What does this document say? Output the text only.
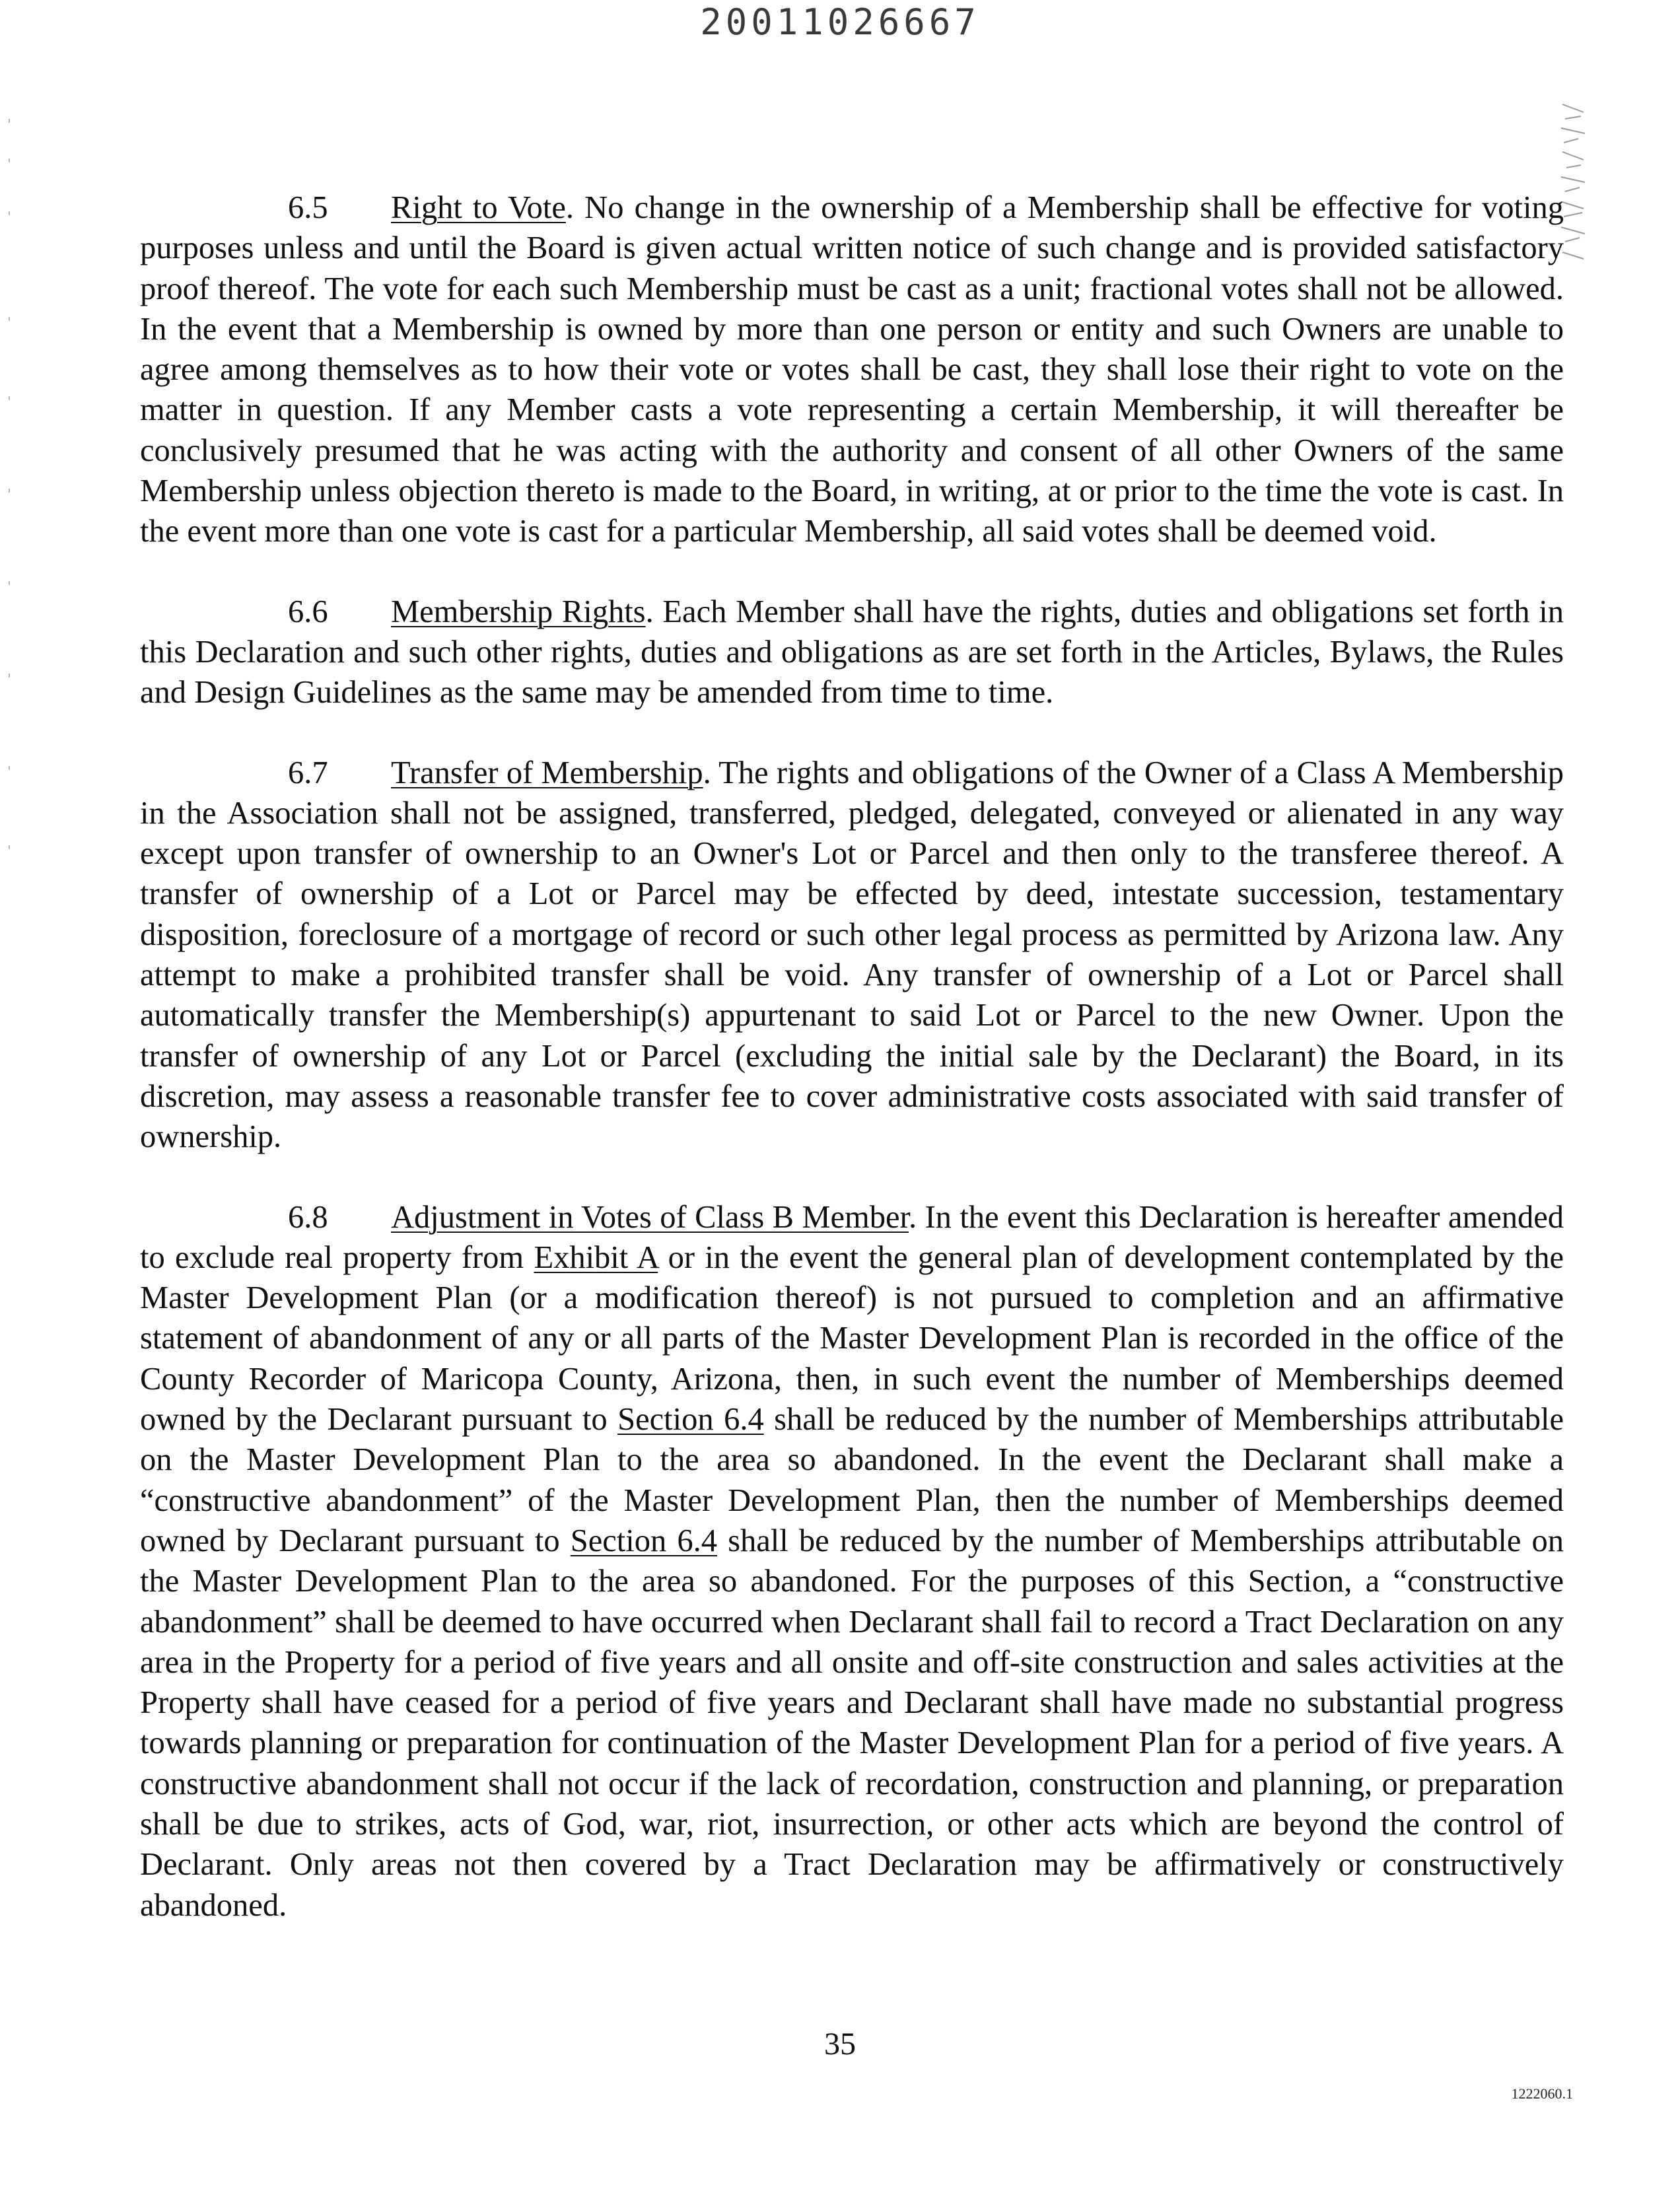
20011026667

6.5 Right to Vote. No change in the ownership of a Membership shall be effective for voting purposes unless and until the Board is given actual written notice of such change and is provided satisfactory proof thereof. The vote for each such Membership must be cast as a unit; fractional votes shall not be allowed. In the event that a Membership is owned by more than one person or entity and such Owners are unable to agree among themselves as to how their vote or votes shall be cast, they shall lose their right to vote on the matter in question. If any Member casts a vote representing a certain Membership, it will thereafter be conclusively presumed that he was acting with the authority and consent of all other Owners of the same Membership unless objection thereto is made to the Board, in writing, at or prior to the time the vote is cast. In the event more than one vote is cast for a particular Membership, all said votes shall be deemed void.

6.6 Membership Rights. Each Member shall have the rights, duties and obligations set forth in this Declaration and such other rights, duties and obligations as are set forth in the Articles, Bylaws, the Rules and Design Guidelines as the same may be amended from time to time.

6.7 Transfer of Membership. The rights and obligations of the Owner of a Class A Membership in the Association shall not be assigned, transferred, pledged, delegated, conveyed or alienated in any way except upon transfer of ownership to an Owner's Lot or Parcel and then only to the transferee thereof. A transfer of ownership of a Lot or Parcel may be effected by deed, intestate succession, testamentary disposition, foreclosure of a mortgage of record or such other legal process as permitted by Arizona law. Any attempt to make a prohibited transfer shall be void. Any transfer of ownership of a Lot or Parcel shall automatically transfer the Membership(s) appurtenant to said Lot or Parcel to the new Owner. Upon the transfer of ownership of any Lot or Parcel (excluding the initial sale by the Declarant) the Board, in its discretion, may assess a reasonable transfer fee to cover administrative costs associated with said transfer of ownership.

6.8 Adjustment in Votes of Class B Member. In the event this Declaration is hereafter amended to exclude real property from Exhibit A or in the event the general plan of development contemplated by the Master Development Plan (or a modification thereof) is not pursued to completion and an affirmative statement of abandonment of any or all parts of the Master Development Plan is recorded in the office of the County Recorder of Maricopa County, Arizona, then, in such event the number of Memberships deemed owned by the Declarant pursuant to Section 6.4 shall be reduced by the number of Memberships attributable on the Master Development Plan to the area so abandoned. In the event the Declarant shall make a “constructive abandonment” of the Master Development Plan, then the number of Memberships deemed owned by Declarant pursuant to Section 6.4 shall be reduced by the number of Memberships attributable on the Master Development Plan to the area so abandoned. For the purposes of this Section, a “constructive abandonment” shall be deemed to have occurred when Declarant shall fail to record a Tract Declaration on any area in the Property for a period of five years and all onsite and off-site construction and sales activities at the Property shall have ceased for a period of five years and Declarant shall have made no substantial progress towards planning or preparation for continuation of the Master Development Plan for a period of five years. A constructive abandonment shall not occur if the lack of recordation, construction and planning, or preparation shall be due to strikes, acts of God, war, riot, insurrection, or other acts which are beyond the control of Declarant. Only areas not then covered by a Tract Declaration may be affirmatively or constructively abandoned.

35
1222060.1
